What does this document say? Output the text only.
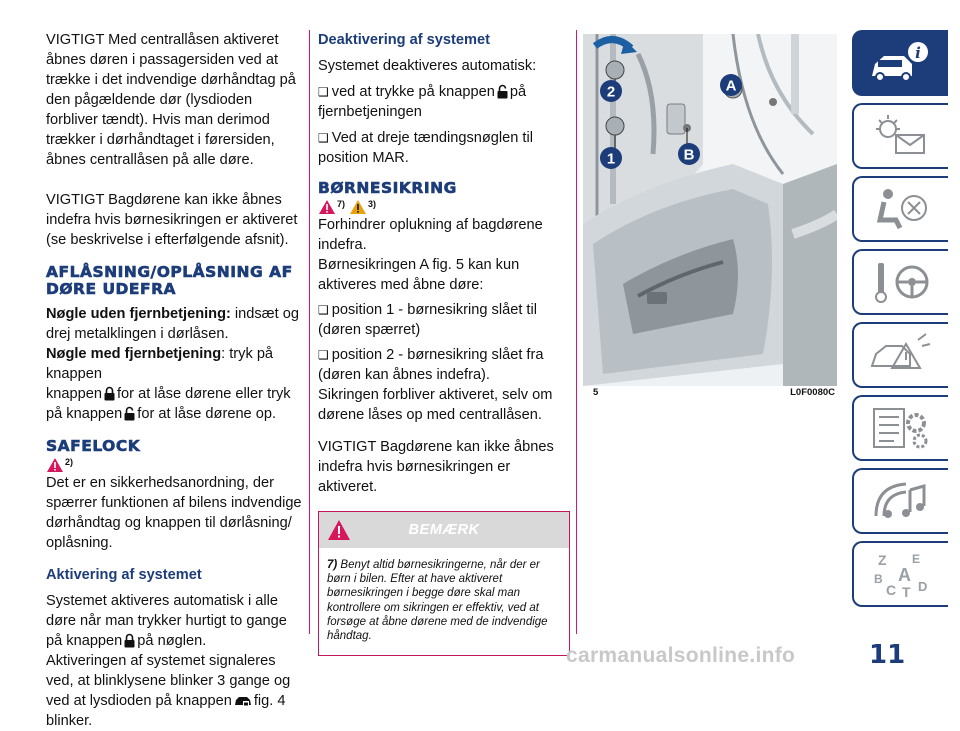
VIGTIGT Med centrallåsen aktiveret åbnes døren i passagersiden ved at trække i det indvendige dørhåndtag på den pågældende dør (lysdioden forbliver tændt). Hvis man derimod trækker i dørhåndtaget i førersiden, åbnes centrallåsen på alle døre.

VIGTIGT Bagdørene kan ikke åbnes indefra hvis børnesikringen er aktiveret (se beskrivelse i efterfølgende afsnit).

AFLÅSNING/OPLÅSNING AF DØRE UDEFRA

Nøgle uden fjernbetjening: indsæt og drej metalklingen i dørlåsen.

Nøgle med fjernbetjening: tryk på knappen
knappen for at låse dørene eller tryk på knappen for at låse dørene op.

SAFELOCK
2)

Det er en sikkerhedsanordning, der spærrer funktionen af bilens indvendige dørhåndtag og knappen til dørlåsning/ oplåsning.

Aktivering af systemet

Systemet aktiveres automatisk i alle døre når man trykker hurtigt to gange på knappen på nøglen.
Aktiveringen af systemet signaleres ved, at blinklysene blinker 3 gange og ved at lysdioden på knappen fig. 4 blinker.

Deaktivering af systemet

Systemet deaktiveres automatisk:

❑ ved at trykke på knappen på fjernbetjeningen

❑ Ved at dreje tændingsnøglen til position MAR.

BØRNESIKRING
7)	3)

Forhindrer oplukning af bagdørene indefra.

Børnesikringen A fig. 5 kan kun aktiveres med åbne døre:

❑ position 1 - børnesikring slået til (døren spærret)

❑ position 2 - børnesikring slået fra (døren kan åbnes indefra).

Sikringen forbliver aktiveret, selv om dørene låses op med centrallåsen.

VIGTIGT Bagdørene kan ikke åbnes indefra hvis børnesikringen er aktiveret.

BEMÆRK
7) Benyt altid børnesikringerne, når der er børn i bilen. Efter at have aktiveret børnesikringen i begge døre skal man kontrollere om sikringen er effektiv, ved at forsøge at åbne dørene med de indvendige håndtag.
2	A
1	B
5	L0F0080C
i
Z E
B A
C T D
11
carmanualsonline.info
